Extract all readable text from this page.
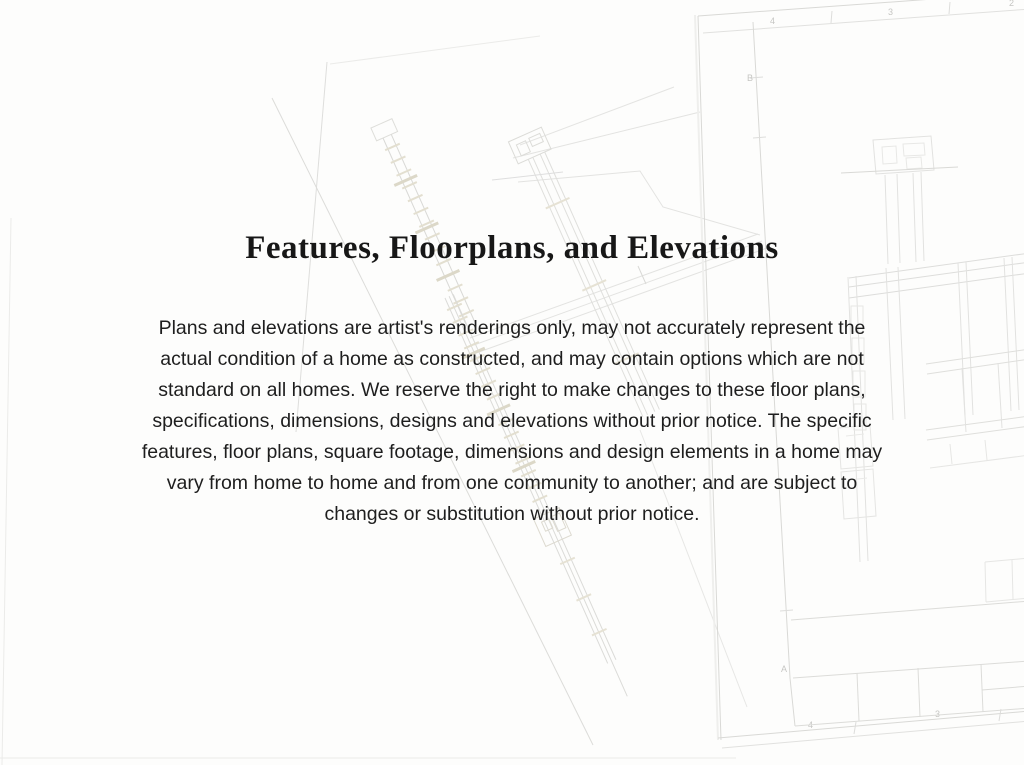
4
3
2
4
3
B
A
Features, Floorplans, and Elevations

Plans and elevations are artist's renderings only, may not accurately represent the
actual condition of a home as constructed, and may contain options which are not
standard on all homes. We reserve the right to make changes to these floor plans,
specifications, dimensions, designs and elevations without prior notice. The specific
features, floor plans, square footage, dimensions and design elements in a home may
vary from home to home and from one community to another; and are subject to
changes or substitution without prior notice.
